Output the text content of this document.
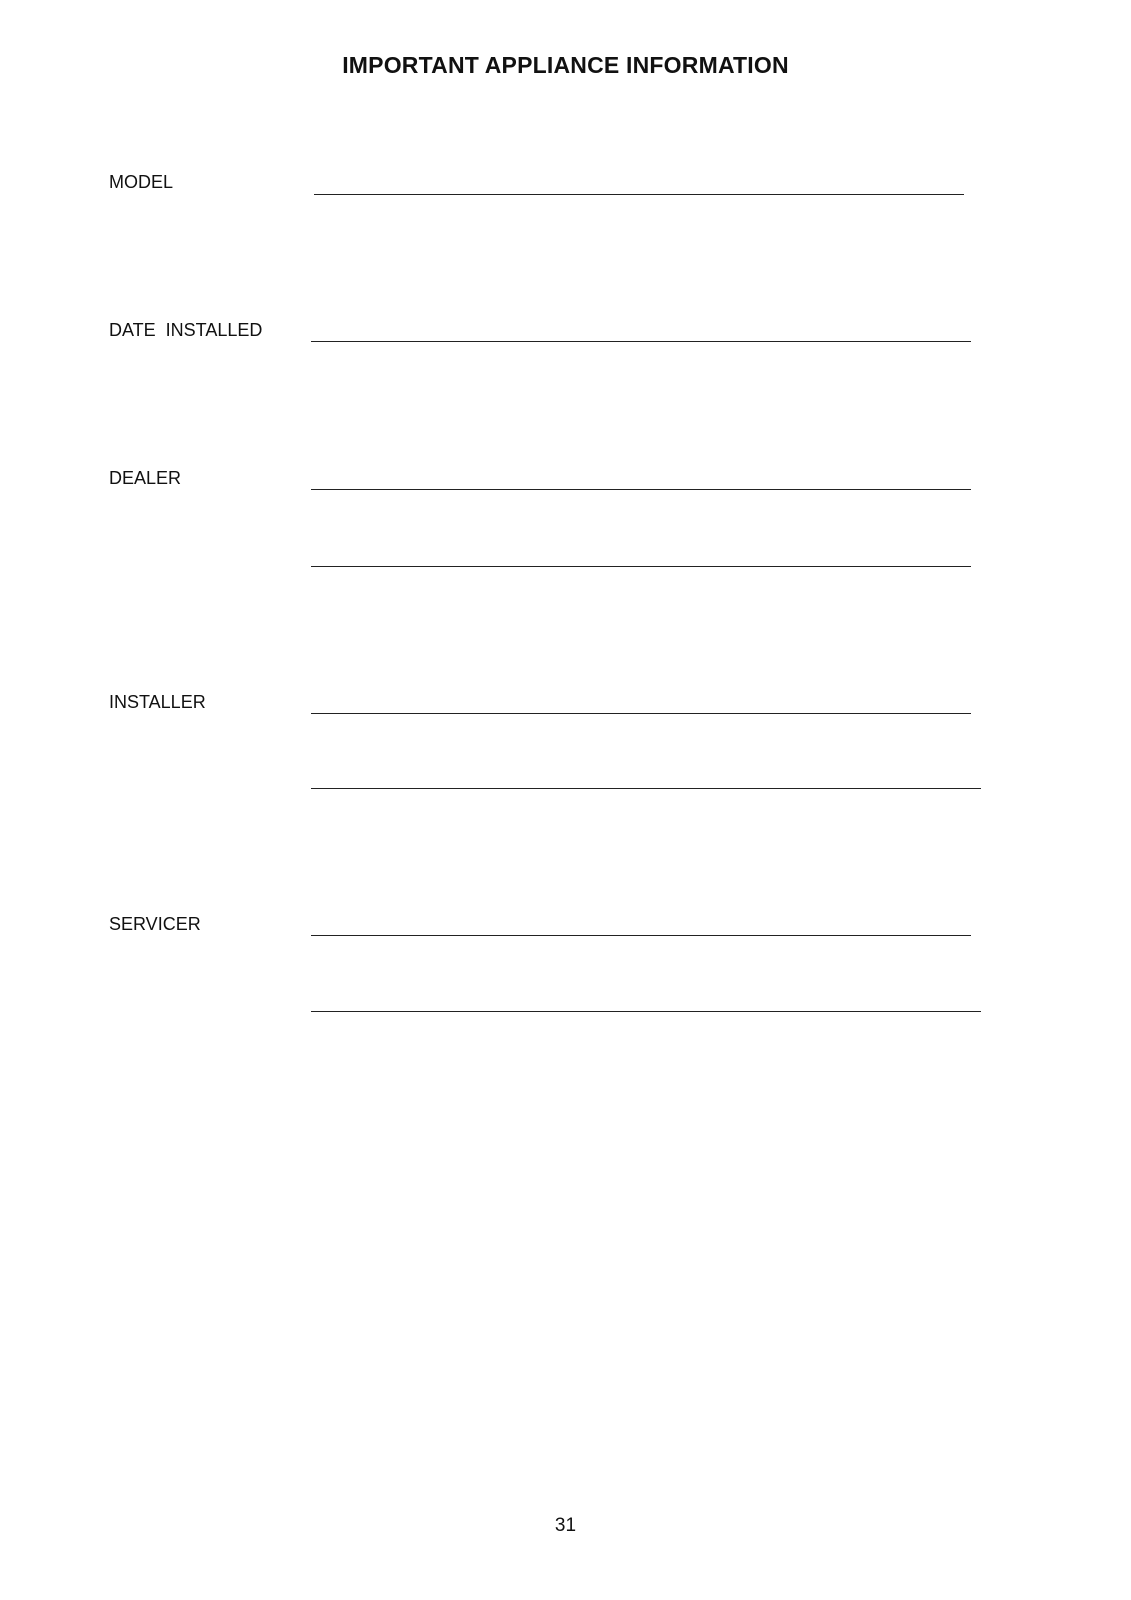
IMPORTANT APPLIANCE INFORMATION
MODEL
DATE  INSTALLED
DEALER
INSTALLER
SERVICER
31
